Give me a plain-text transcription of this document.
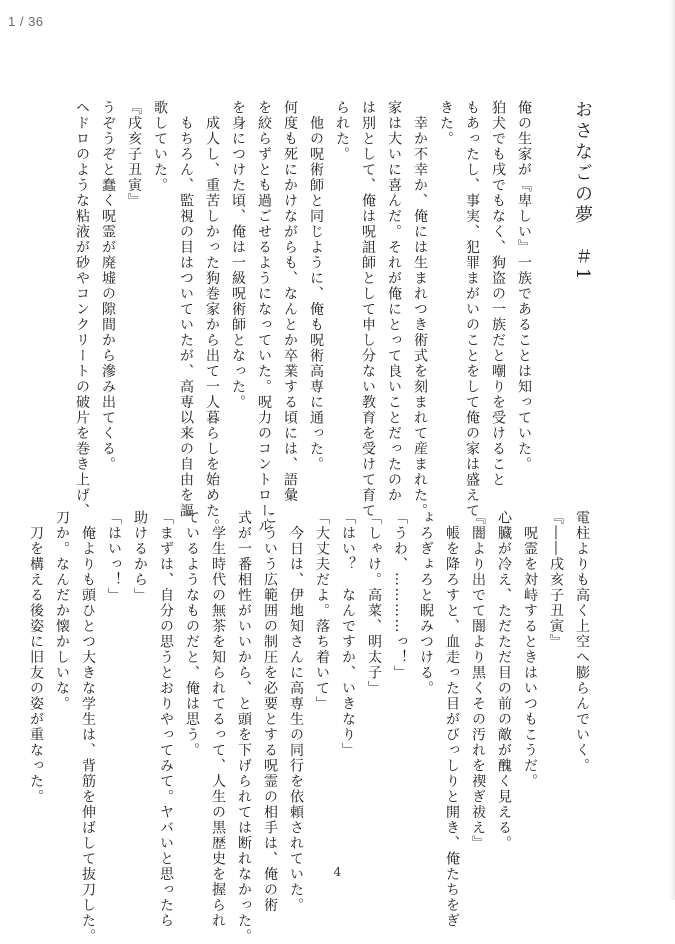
1 / 36
おさなごの夢　＃1
俺の生家が『卑しい』一族であることは知っていた。
狛犬でも戌でもなく、狗盗の一族だと嘲りを受けること
もあったし、事実、犯罪まがいのことをして俺の家は盛えて
きた。
　幸か不幸か、俺には生まれつき術式を刻まれて産まれた。
家は大いに喜んだ。それが俺にとって良いことだったのか
は別として、俺は呪詛師として申し分ない教育を受けて育て
られた。
　他の呪術師と同じように、俺も呪術高専に通った。
何度も死にかけながらも、なんとか卒業する頃には、語彙
を絞らずとも過ごせるようになっていた。呪力のコントロール
を身につけた頃、俺は一級呪術師となった。
　成人し、重苦しかった狗巻家から出て一人暮らしを始めた。
　もちろん、監視の目はついていたが、高専以来の自由を謳
歌していた。
『戌亥子丑寅』
うぞうぞと蠢く呪霊が廃墟の隙間から滲み出てくる。
ヘドロのような粘液が砂やコンクリートの破片を巻き上げ、
電柱よりも高く上空へ膨らんでいく。
『――戌亥子丑寅』
　呪霊を対峙するときはいつもこうだ。
心臓が冷え、ただただ目の前の敵が醜く見える。
『闇より出でて闇より黒くその汚れを禊ぎ祓え』
　帳を降ろすと、血走った目がびっしりと開き、俺たちをぎ
ょろぎょろと睨みつける。
「うわ、…………っ！」
「しゃけ。高菜、明太子」
「はい？　なんですか、いきなり」
「大丈夫だよ。落ち着いて」
　今日は、伊地知さんに高専生の同行を依頼されていた。
こういう広範囲の制圧を必要とする呪霊の相手は、俺の術
式が一番相性がいいから、と頭を下げられては断れなかった。
　学生時代の無茶を知られてるって、人生の黒歴史を握られ
ているようなものだと、俺は思う。
「まずは、自分の思うとおりやってみて。ヤバいと思ったら
助けるから」
「はいっ！」
　俺よりも頭ひとつ大きな学生は、背筋を伸ばして抜刀した。
刀か。なんだか懐かしいな。
　刀を構える後姿に旧友の姿が重なった。
4
